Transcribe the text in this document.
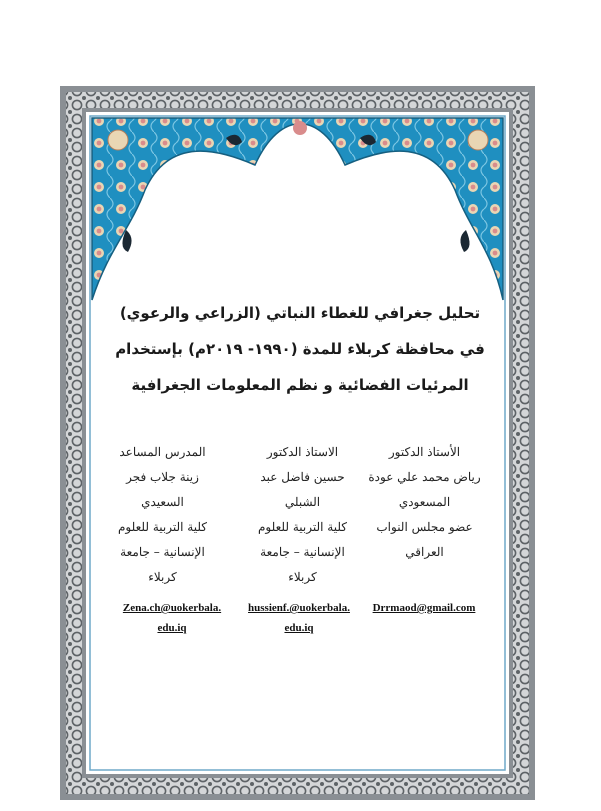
تحليل جغرافي للغطاء النباتي (الزراعي والرعوي)
في محافظة كربلاء للمدة (١٩٩٠- ٢٠١٩م) بإستخدام
المرئيات الفضائية و نظم المعلومات الجغرافية
الأستاذ الدكتور
رياض محمد علي عودة
المسعودي
عضو مجلس النواب
العراقي
الاستاذ الدكتور
حسين فاضل عبد
الشبلي
كلية التربية للعلوم
الإنسانية – جامعة
كربلاء
المدرس المساعد
زينة جلاب فجر
السعيدي
كلية التربية للعلوم
الإنسانية – جامعة
كربلاء
Drrmaod@gmail.com
hussienf.@uokerbala.
edu.iq
Zena.ch@uokerbala.
edu.iq
